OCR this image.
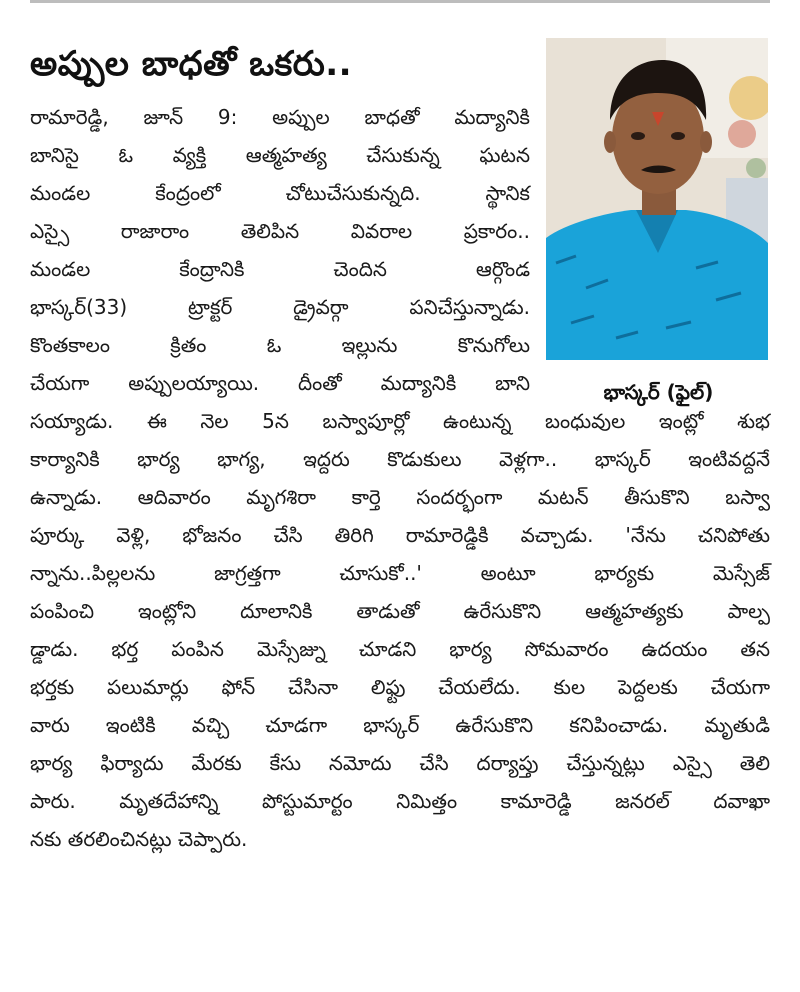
అప్పుల బాధతో ఒకరు..
భాస్కర్ (ఫైల్)
రామారెడ్డి, జూన్ 9: అప్పుల బాధతో మద్యానికి
బానిసై ఓ వ్యక్తి ఆత్మహత్య చేసుకున్న ఘటన
మండల కేంద్రంలో చోటుచేసుకున్నది. స్థానిక
ఎస్సై రాజారాం తెలిపిన వివరాల ప్రకారం..
మండల కేంద్రానికి చెందిన ఆర్గొండ
భాస్కర్(33) ట్రాక్టర్ డ్రైవర్గా పనిచేస్తున్నాడు.
కొంతకాలం క్రితం ఓ ఇల్లును కొనుగోలు
చేయగా అప్పులయ్యాయి. దీంతో మద్యానికి బాని
సయ్యాడు. ఈ నెల 5న బస్వాపూర్లో ఉంటున్న బంధువుల ఇంట్లో శుభ
కార్యానికి భార్య భాగ్య, ఇద్దరు కొడుకులు వెళ్లగా.. భాస్కర్ ఇంటివద్దనే
ఉన్నాడు. ఆదివారం మృగశిరా కార్తె సందర్భంగా మటన్ తీసుకొని బస్వా
పూర్కు వెళ్లి, భోజనం చేసి తిరిగి రామారెడ్డికి వచ్చాడు. 'నేను చనిపోతు
న్నాను..పిల్లలను జాగ్రత్తగా చూసుకో..' అంటూ భార్యకు మెస్సేజ్
పంపించి ఇంట్లోని దూలానికి తాడుతో ఉరేసుకొని ఆత్మహత్యకు పాల్ప
డ్డాడు. భర్త పంపిన మెస్సేజ్ను చూడని భార్య సోమవారం ఉదయం తన
భర్తకు పలుమార్లు ఫోన్ చేసినా లిఫ్టు చేయలేదు. కుల పెద్దలకు చేయగా
వారు ఇంటికి వచ్చి చూడగా భాస్కర్ ఉరేసుకొని కనిపించాడు. మృతుడి
భార్య ఫిర్యాదు మేరకు కేసు నమోదు చేసి దర్యాప్తు చేస్తున్నట్లు ఎస్సై తెలి
పారు. మృతదేహాన్ని పోస్టుమార్టం నిమిత్తం కామారెడ్డి జనరల్ దవాఖా
నకు తరలించినట్లు చెప్పారు.
